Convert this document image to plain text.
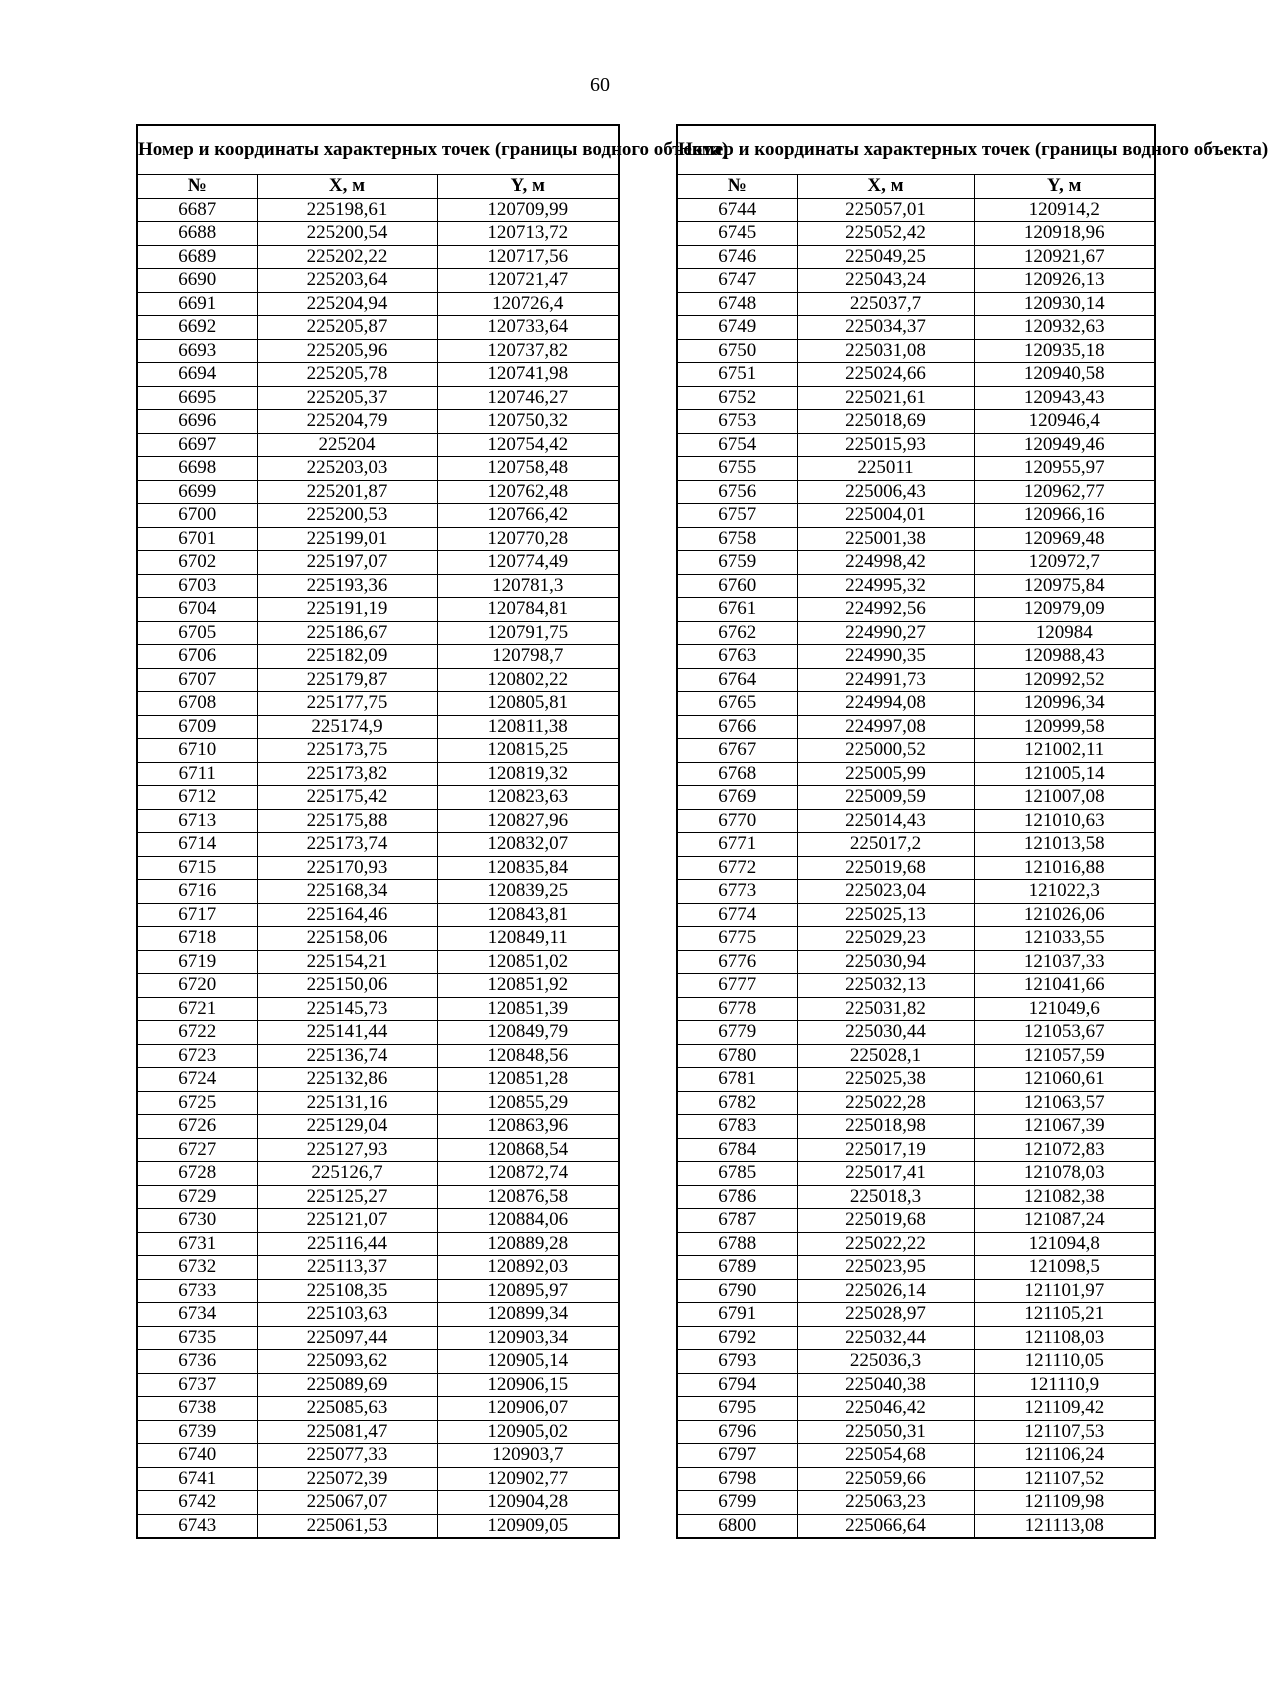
60
Номер и координаты характерных точек (границы водного объекта)		
№	X, м	Y, м
6687	225198,61	120709,99
6688	225200,54	120713,72
6689	225202,22	120717,56
6690	225203,64	120721,47
6691	225204,94	120726,4
6692	225205,87	120733,64
6693	225205,96	120737,82
6694	225205,78	120741,98
6695	225205,37	120746,27
6696	225204,79	120750,32
6697	225204	120754,42
6698	225203,03	120758,48
6699	225201,87	120762,48
6700	225200,53	120766,42
6701	225199,01	120770,28
6702	225197,07	120774,49
6703	225193,36	120781,3
6704	225191,19	120784,81
6705	225186,67	120791,75
6706	225182,09	120798,7
6707	225179,87	120802,22
6708	225177,75	120805,81
6709	225174,9	120811,38
6710	225173,75	120815,25
6711	225173,82	120819,32
6712	225175,42	120823,63
6713	225175,88	120827,96
6714	225173,74	120832,07
6715	225170,93	120835,84
6716	225168,34	120839,25
6717	225164,46	120843,81
6718	225158,06	120849,11
6719	225154,21	120851,02
6720	225150,06	120851,92
6721	225145,73	120851,39
6722	225141,44	120849,79
6723	225136,74	120848,56
6724	225132,86	120851,28
6725	225131,16	120855,29
6726	225129,04	120863,96
6727	225127,93	120868,54
6728	225126,7	120872,74
6729	225125,27	120876,58
6730	225121,07	120884,06
6731	225116,44	120889,28
6732	225113,37	120892,03
6733	225108,35	120895,97
6734	225103,63	120899,34
6735	225097,44	120903,34
6736	225093,62	120905,14
6737	225089,69	120906,15
6738	225085,63	120906,07
6739	225081,47	120905,02
6740	225077,33	120903,7
6741	225072,39	120902,77
6742	225067,07	120904,28
6743	225061,53	120909,05
Номер и координаты характерных точек (границы водного объекта)		
№	X, м	Y, м
6744	225057,01	120914,2
6745	225052,42	120918,96
6746	225049,25	120921,67
6747	225043,24	120926,13
6748	225037,7	120930,14
6749	225034,37	120932,63
6750	225031,08	120935,18
6751	225024,66	120940,58
6752	225021,61	120943,43
6753	225018,69	120946,4
6754	225015,93	120949,46
6755	225011	120955,97
6756	225006,43	120962,77
6757	225004,01	120966,16
6758	225001,38	120969,48
6759	224998,42	120972,7
6760	224995,32	120975,84
6761	224992,56	120979,09
6762	224990,27	120984
6763	224990,35	120988,43
6764	224991,73	120992,52
6765	224994,08	120996,34
6766	224997,08	120999,58
6767	225000,52	121002,11
6768	225005,99	121005,14
6769	225009,59	121007,08
6770	225014,43	121010,63
6771	225017,2	121013,58
6772	225019,68	121016,88
6773	225023,04	121022,3
6774	225025,13	121026,06
6775	225029,23	121033,55
6776	225030,94	121037,33
6777	225032,13	121041,66
6778	225031,82	121049,6
6779	225030,44	121053,67
6780	225028,1	121057,59
6781	225025,38	121060,61
6782	225022,28	121063,57
6783	225018,98	121067,39
6784	225017,19	121072,83
6785	225017,41	121078,03
6786	225018,3	121082,38
6787	225019,68	121087,24
6788	225022,22	121094,8
6789	225023,95	121098,5
6790	225026,14	121101,97
6791	225028,97	121105,21
6792	225032,44	121108,03
6793	225036,3	121110,05
6794	225040,38	121110,9
6795	225046,42	121109,42
6796	225050,31	121107,53
6797	225054,68	121106,24
6798	225059,66	121107,52
6799	225063,23	121109,98
6800	225066,64	121113,08
